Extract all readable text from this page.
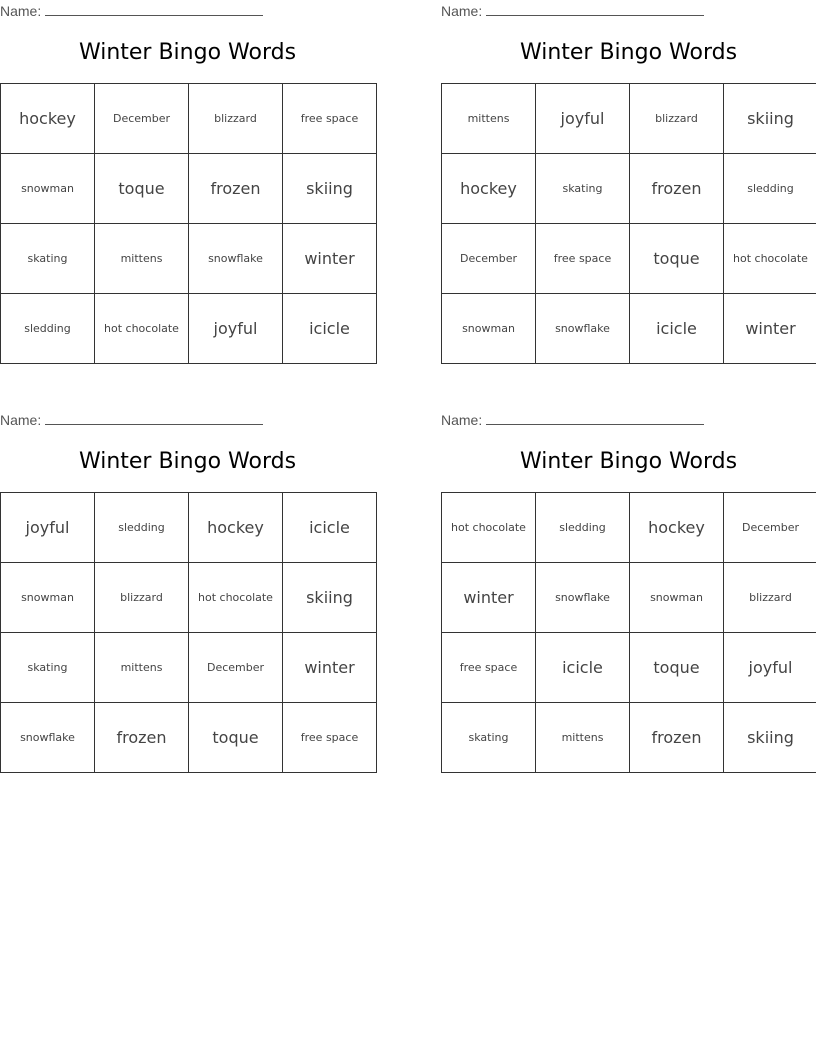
Name:
Winter Bingo Words
hockey	December	blizzard	free space
snowman	toque	frozen	skiing
skating	mittens	snowflake	winter
sledding	hot chocolate	joyful	icicle
Name:
Winter Bingo Words
mittens	joyful	blizzard	skiing
hockey	skating	frozen	sledding
December	free space	toque	hot chocolate
snowman	snowflake	icicle	winter
Name:
Winter Bingo Words
joyful	sledding	hockey	icicle
snowman	blizzard	hot chocolate	skiing
skating	mittens	December	winter
snowflake	frozen	toque	free space
Name:
Winter Bingo Words
hot chocolate	sledding	hockey	December
winter	snowflake	snowman	blizzard
free space	icicle	toque	joyful
skating	mittens	frozen	skiing
